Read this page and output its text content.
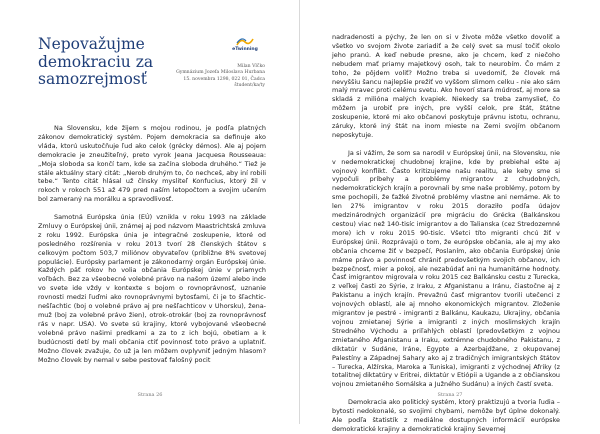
Nepovažujme demokraciu za samozrejmosť
eTwinning
Milan Vlčko
Gymnázium Jozefa Miloslava Hurbana
15. novembra 1298, 022 01, Čadca
študent/ka/ty

Na Slovensku, kde žijem s mojou rodinou, je podľa platných zákonov demokratický systém. Pojem demokracia sa definuje ako vláda, ktorú uskutočňuje ľud ako celok (grécky démos). Ale aj pojem demokracie je zneužiteľný, preto vyrok Jeana Jacquesa Rousseaua: „Moja sloboda sa končí tam, kde sa začína sloboda druhého.“ Tiež je stále aktuálny starý citát: „Nerob druhým to, čo nechceš, aby iní robili tebe.“ Tento citát hlásal už čínsky mysliteľ Konfucius, ktorý žil v rokoch v rokoch 551 až 479 pred naším letopočtom a svojim učením bol zameraný na morálku a spravodlivosť.

Samotná Európska únia (EÚ) vznikla v roku 1993 na základe Zmluvy o Európskej únii, známej aj pod názvom Maastrichtská zmluva z roku 1992. Európska únia je integračné zoskupenie, ktoré od posledného rozšírenia v roku 2013 tvorí 28 členských štátov s celkovým počtom 503,7 miliónov obyvateľov (približne 8% svetovej populácie). Európsky parlament je zákonodarný orgán Európskej únie. Každých päť rokov ho volia občania Európskej únie v priamych voľbách. Bez za všeobecné volebné právo na našom území alebo inde vo svete ide vždy v kontexte s bojom o rovnoprávnosť, uznanie rovnosti medzi ľuďmi ako rovnoprávnymi bytosťami, či je to šľachtic-nešľachtic (boj o volebné právo aj pre nešľachticov v Uhorsku), žena-muž (boj za volebné právo žien), otrok-otrokár (boj za rovnoprávnosť rás v napr. USA). Vo svete sú krajiny, ktoré vybojované všeobecné volebné právo našimi predkami a za to z ich bojú, obetiam a k budúcnosti detí by mali občania ctiť povinnosť toto právo a uplatniť. Možno človek zvažuje, čo už ja len môžem ovplyvniť jedným hlasom? Možno človek by nemal v sebe pestovať falošný pocit

Strana 26	Strana 27

nadradenosti a pýchy, že len on si v živote môže všetko dovoliť a všetko vo svojom živote zariadiť a že celý svet sa musí točiť okolo jeho pranú. A keď nebude presne, ako je chcem, keď z niečoho nebudem mať priamy majetkový osoh, tak to neurobím. Čo mám z toho, že pôjdem voliť? Možno treba si uvedomiť, že človek má nevyššiu šancu najlepšie prežiť vo vyššom slimom celku - nie ako sám malý mravec proti celému svetu. Ako hovorí stará múdrosť, aj more sa skladá z milióna malých kvapiek. Niekedy sa treba zamyslieť, čo môžem ja urobiť pre iných, pre vyšší celok, pre štát, štátne zoskupenie, ktoré mi ako občanovi poskytuje právnu istotu, ochranu, záruky, ktoré iný štát na inom mieste na Zemi svojím občanom neposkytuje.

Ja si vážim, že som sa narodil v Európskej únii, na Slovensku, nie v nedemokratickej chudobnej krajine, kde by prebiehal ešte aj vojnový konflikt. Často kritizujeme našu realitu, ale keby sme si vypočuli príbehy a problémy migrantov z chudobných, nedemokratických krajín a porovnali by sme naše problémy, potom by sme pochopili, že ťažké životné problémy vlastne ani nemáme. Ak to len 27% imigrantov v roku 2015 doraziło podľa údajov medzinárodných organizácií pre migráciu do Grécka (Balkánskou cestou) viac než 140-tisíc imigrantov a do Talianska (cez Stredozemné more) ich v roku 2015 90-tisíc. Všetci títo migranti chcú žiť v Európskej únii. Rozprávajú o tom, že európske občania, ale aj my ako občania chceme žiť v bezpečí, Poslaním, ako občania Európskej únie máme právo a povinnosť chrániť predovšetkým svojich občanov, ich bezpečnosť, mier a pokoj, ale nezabúdať ani na humanitárne hodnoty. Časť imigrantov migrovala v roku 2015 cez Balkánsku cestu z Turecka, z veľkej časti zo Sýrie, z Iraku, z Afganistanu a Iránu, čiastočne aj z Pakistanu a iných krajín. Prevažnú časť migrantov tvorili utečenci z vojnových oblastí, ale aj mnoho ekonomických migrantov. Zloženie migrantov je pestré - imigranti z Balkánu, Kaukazu, Ukrajiny, občania vojnou zmietanej Sýrie a imigranti z iných moslimských krajín Stredného Východu a priľahlých oblastí (predovšetkým z vojnou zmietaného Afganistanu a Iraku, extrémne chudobného Pakistanu, z diktatúr v Sudáne, Iráne, Egypte a Azerbajdžane, z okupovanej Palestíny a Západnej Sahary ako aj z tradičných imigrantských štátov – Turecka, Alžírska, Maroka a Tuniska), imigranti z východnej Afriky (z totalitnej diktatúry v Eritrei, diktatúr v Etiópii a Ugande a z občianskou vojnou zmietaného Somálska a Južného Sudánu) a iných častí sveta.

Demokracia ako politický systém, ktorý praktizujú a tvoria ľudia – bytosti nedokonalé, so svojimi chybami, nemôže byť úplne dokonalý. Ale podľa štatistík z mediálne dostupných informácií európske demokratické krajiny a demokratické krajiny Severnej
